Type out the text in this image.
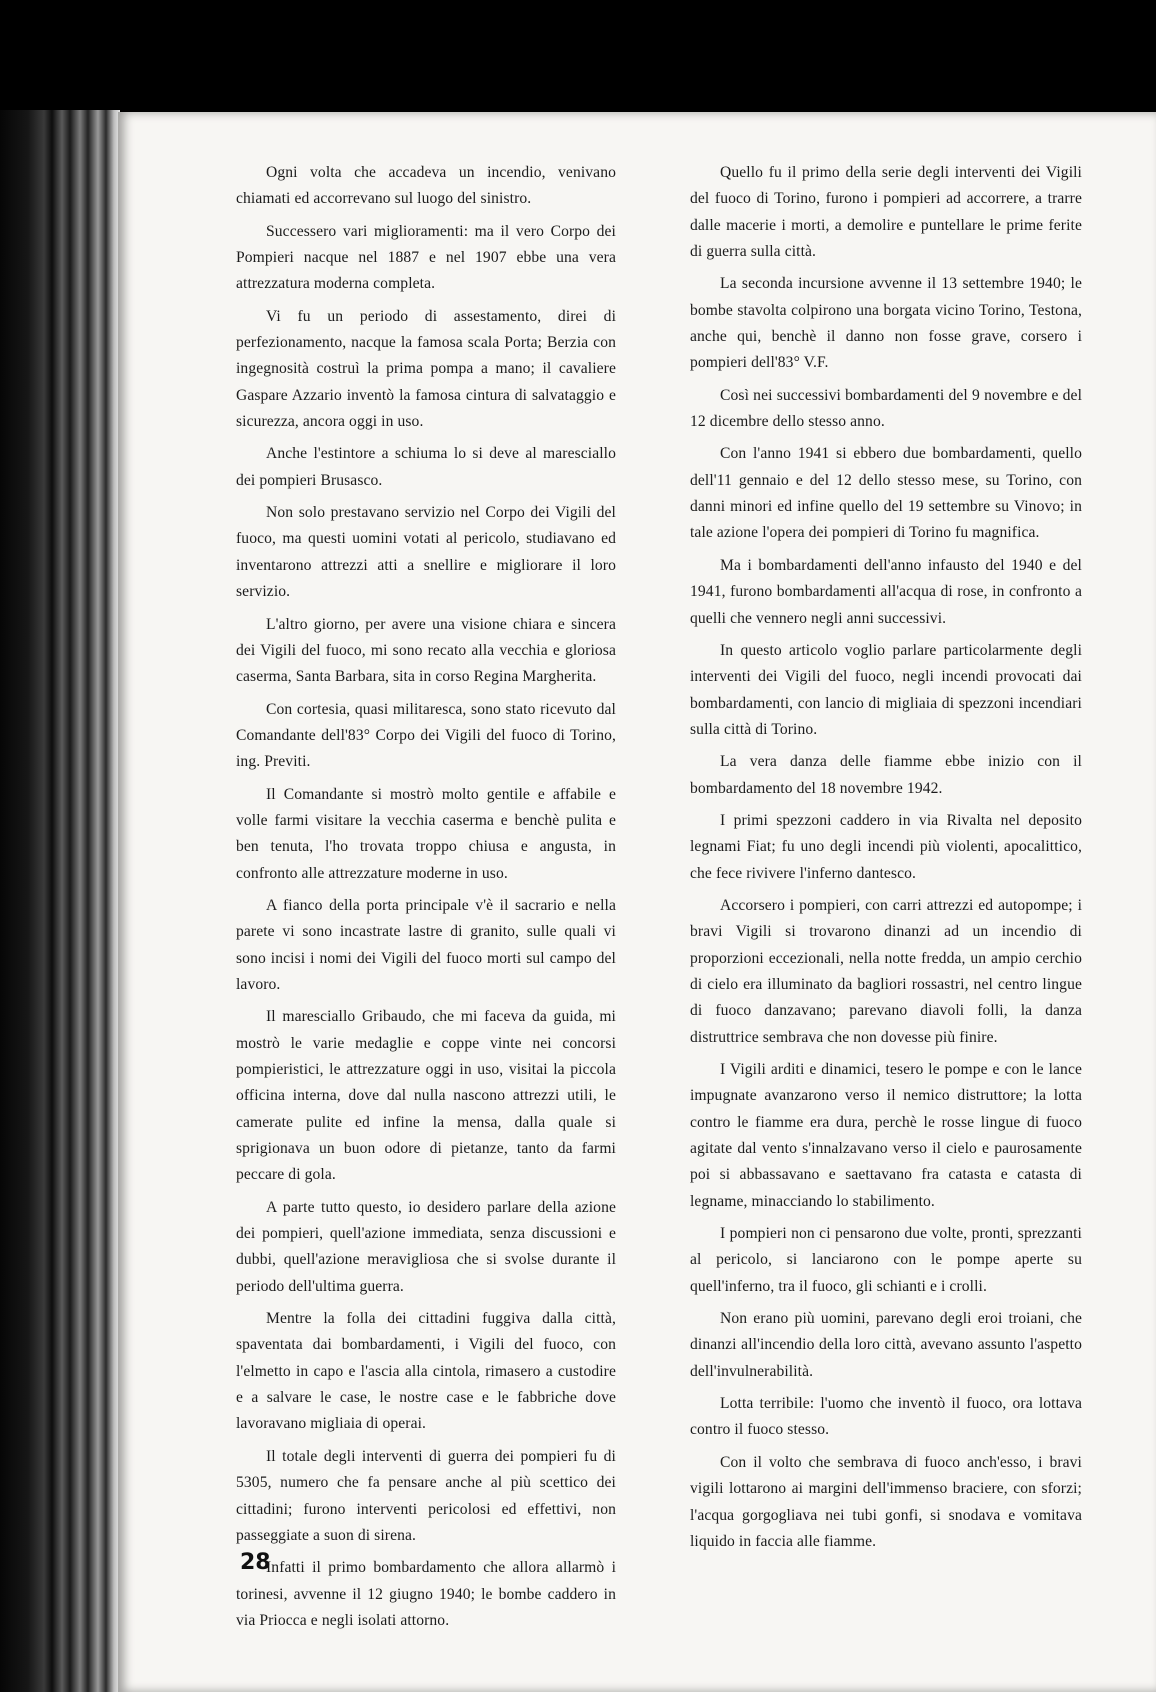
Ogni volta che accadeva un incendio, venivano chiamati ed accorrevano sul luogo del sinistro.

Successero vari miglioramenti: ma il vero Corpo dei Pompieri nacque nel 1887 e nel 1907 ebbe una vera attrezzatura moderna completa.

Vi fu un periodo di assestamento, direi di perfezionamento, nacque la famosa scala Porta; Berzia con ingegnosità costruì la prima pompa a mano; il cavaliere Gaspare Azzario inventò la famosa cintura di salvataggio e sicurezza, ancora oggi in uso.

Anche l'estintore a schiuma lo si deve al maresciallo dei pompieri Brusasco.

Non solo prestavano servizio nel Corpo dei Vigili del fuoco, ma questi uomini votati al pericolo, studiavano ed inventarono attrezzi atti a snellire e migliorare il loro servizio.

L'altro giorno, per avere una visione chiara e sincera dei Vigili del fuoco, mi sono recato alla vecchia e gloriosa caserma, Santa Barbara, sita in corso Regina Margherita.

Con cortesia, quasi militaresca, sono stato ricevuto dal Comandante dell'83° Corpo dei Vigili del fuoco di Torino, ing. Previti.

Il Comandante si mostrò molto gentile e affabile e volle farmi visitare la vecchia caserma e benchè pulita e ben tenuta, l'ho trovata troppo chiusa e angusta, in confronto alle attrezzature moderne in uso.

A fianco della porta principale v'è il sacrario e nella parete vi sono incastrate lastre di granito, sulle quali vi sono incisi i nomi dei Vigili del fuoco morti sul campo del lavoro.

Il maresciallo Gribaudo, che mi faceva da guida, mi mostrò le varie medaglie e coppe vinte nei concorsi pompieristici, le attrezzature oggi in uso, visitai la piccola officina interna, dove dal nulla nascono attrezzi utili, le camerate pulite ed infine la mensa, dalla quale si sprigionava un buon odore di pietanze, tanto da farmi peccare di gola.

A parte tutto questo, io desidero parlare della azione dei pompieri, quell'azione immediata, senza discussioni e dubbi, quell'azione meravigliosa che si svolse durante il periodo dell'ultima guerra.

Mentre la folla dei cittadini fuggiva dalla città, spaventata dai bombardamenti, i Vigili del fuoco, con l'elmetto in capo e l'ascia alla cintola, rimasero a custodire e a salvare le case, le nostre case e le fabbriche dove lavoravano migliaia di operai.

Il totale degli interventi di guerra dei pompieri fu di 5305, numero che fa pensare anche al più scettico dei cittadini; furono interventi pericolosi ed effettivi, non passeggiate a suon di sirena.

Infatti il primo bombardamento che allora allarmò i torinesi, avvenne il 12 giugno 1940; le bombe caddero in via Priocca e negli isolati attorno.

Quello fu il primo della serie degli interventi dei Vigili del fuoco di Torino, furono i pompieri ad accorrere, a trarre dalle macerie i morti, a demolire e puntellare le prime ferite di guerra sulla città.

La seconda incursione avvenne il 13 settembre 1940; le bombe stavolta colpirono una borgata vicino Torino, Testona, anche qui, benchè il danno non fosse grave, corsero i pompieri dell'83° V.F.

Così nei successivi bombardamenti del 9 novembre e del 12 dicembre dello stesso anno.

Con l'anno 1941 si ebbero due bombardamenti, quello dell'11 gennaio e del 12 dello stesso mese, su Torino, con danni minori ed infine quello del 19 settembre su Vinovo; in tale azione l'opera dei pompieri di Torino fu magnifica.

Ma i bombardamenti dell'anno infausto del 1940 e del 1941, furono bombardamenti all'acqua di rose, in confronto a quelli che vennero negli anni successivi.

In questo articolo voglio parlare particolarmente degli interventi dei Vigili del fuoco, negli incendi provocati dai bombardamenti, con lancio di migliaia di spezzoni incendiari sulla città di Torino.

La vera danza delle fiamme ebbe inizio con il bombardamento del 18 novembre 1942.

I primi spezzoni caddero in via Rivalta nel deposito legnami Fiat; fu uno degli incendi più violenti, apocalittico, che fece rivivere l'inferno dantesco.

Accorsero i pompieri, con carri attrezzi ed autopompe; i bravi Vigili si trovarono dinanzi ad un incendio di proporzioni eccezionali, nella notte fredda, un ampio cerchio di cielo era illuminato da bagliori rossastri, nel centro lingue di fuoco danzavano; parevano diavoli folli, la danza distruttrice sembrava che non dovesse più finire.

I Vigili arditi e dinamici, tesero le pompe e con le lance impugnate avanzarono verso il nemico distruttore; la lotta contro le fiamme era dura, perchè le rosse lingue di fuoco agitate dal vento s'innalzavano verso il cielo e paurosamente poi si abbassavano e saettavano fra catasta e catasta di legname, minacciando lo stabilimento.

I pompieri non ci pensarono due volte, pronti, sprezzanti al pericolo, si lanciarono con le pompe aperte su quell'inferno, tra il fuoco, gli schianti e i crolli.

Non erano più uomini, parevano degli eroi troiani, che dinanzi all'incendio della loro città, avevano assunto l'aspetto dell'invulnerabilità.

Lotta terribile: l'uomo che inventò il fuoco, ora lottava contro il fuoco stesso.

Con il volto che sembrava di fuoco anch'esso, i bravi vigili lottarono ai margini dell'immenso braciere, con sforzi; l'acqua gorgogliava nei tubi gonfi, si snodava e vomitava liquido in faccia alle fiamme.

28
